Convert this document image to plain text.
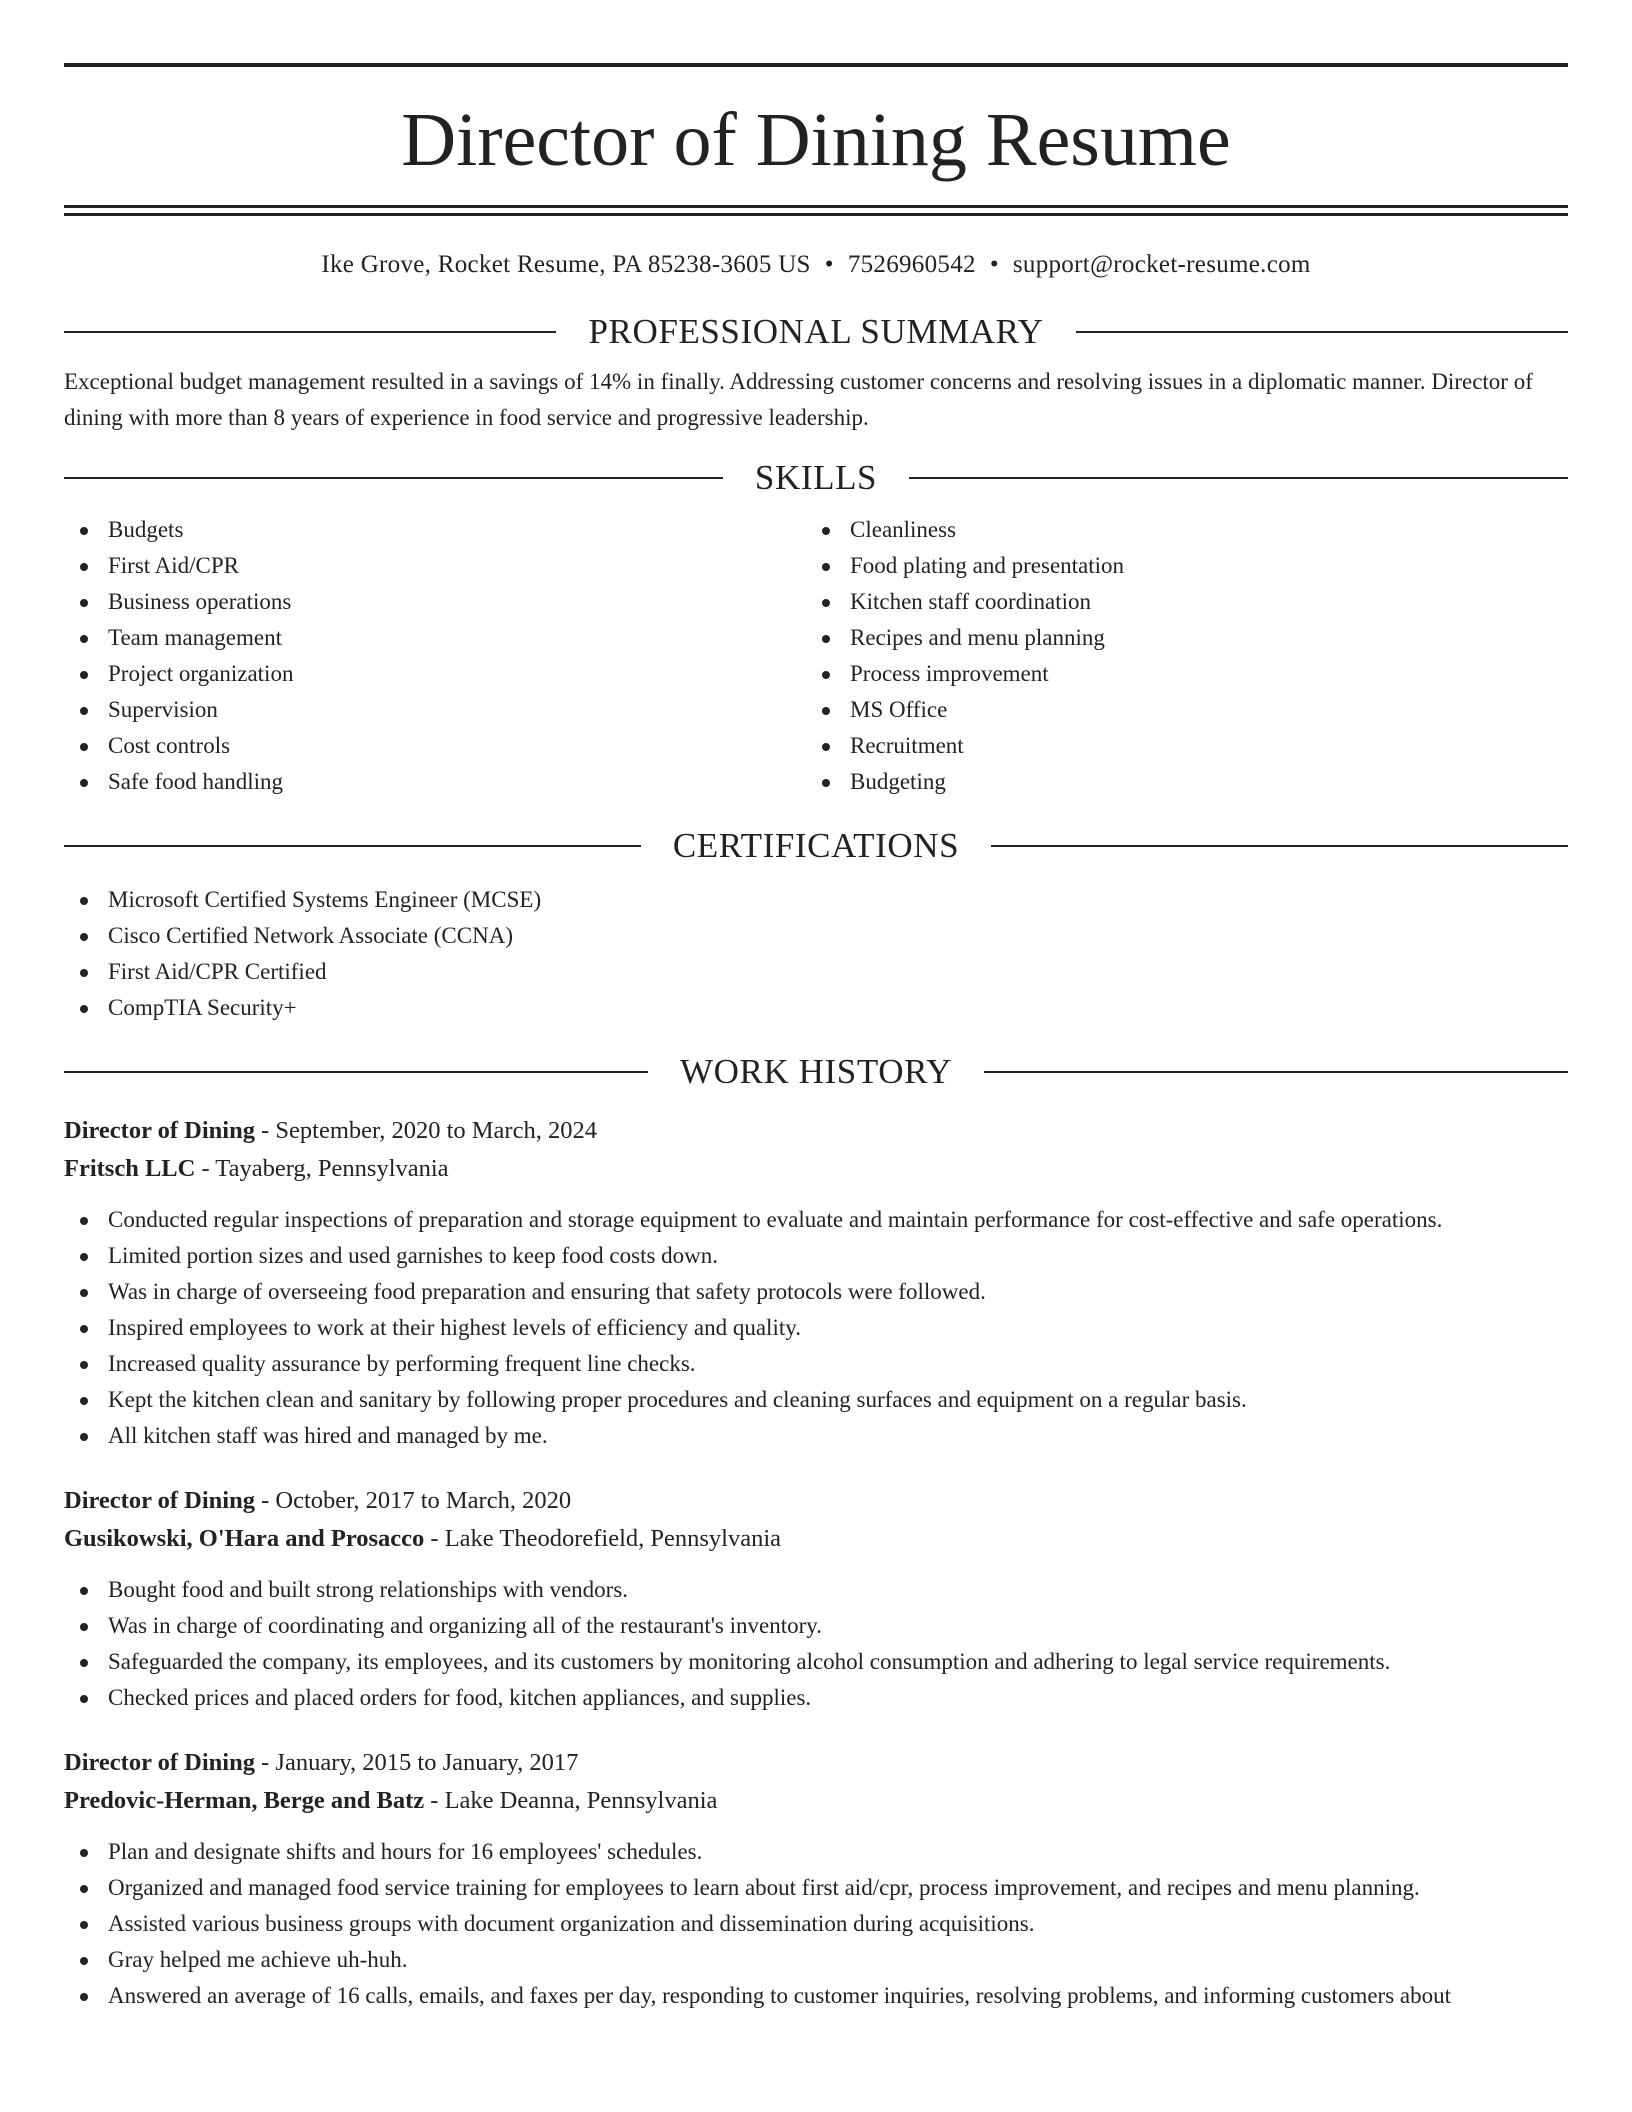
Director of Dining Resume
Ike Grove, Rocket Resume, PA 85238-3605 US • 7526960542 • support@rocket-resume.com
PROFESSIONAL SUMMARY
Exceptional budget management resulted in a savings of 14% in finally. Addressing customer concerns and resolving issues in a diplomatic manner. Director of dining with more than 8 years of experience in food service and progressive leadership.
SKILLS
Budgets
First Aid/CPR
Business operations
Team management
Project organization
Supervision
Cost controls
Safe food handling
Cleanliness
Food plating and presentation
Kitchen staff coordination
Recipes and menu planning
Process improvement
MS Office
Recruitment
Budgeting
CERTIFICATIONS
Microsoft Certified Systems Engineer (MCSE)
Cisco Certified Network Associate (CCNA)
First Aid/CPR Certified
CompTIA Security+
WORK HISTORY
Director of Dining - September, 2020 to March, 2024
Fritsch LLC - Tayaberg, Pennsylvania
Conducted regular inspections of preparation and storage equipment to evaluate and maintain performance for cost-effective and safe operations.
Limited portion sizes and used garnishes to keep food costs down.
Was in charge of overseeing food preparation and ensuring that safety protocols were followed.
Inspired employees to work at their highest levels of efficiency and quality.
Increased quality assurance by performing frequent line checks.
Kept the kitchen clean and sanitary by following proper procedures and cleaning surfaces and equipment on a regular basis.
All kitchen staff was hired and managed by me.
Director of Dining - October, 2017 to March, 2020
Gusikowski, O'Hara and Prosacco - Lake Theodorefield, Pennsylvania
Bought food and built strong relationships with vendors.
Was in charge of coordinating and organizing all of the restaurant's inventory.
Safeguarded the company, its employees, and its customers by monitoring alcohol consumption and adhering to legal service requirements.
Checked prices and placed orders for food, kitchen appliances, and supplies.
Director of Dining - January, 2015 to January, 2017
Predovic-Herman, Berge and Batz - Lake Deanna, Pennsylvania
Plan and designate shifts and hours for 16 employees' schedules.
Organized and managed food service training for employees to learn about first aid/cpr, process improvement, and recipes and menu planning.
Assisted various business groups with document organization and dissemination during acquisitions.
Gray helped me achieve uh-huh.
Answered an average of 16 calls, emails, and faxes per day, responding to customer inquiries, resolving problems, and informing customers about
